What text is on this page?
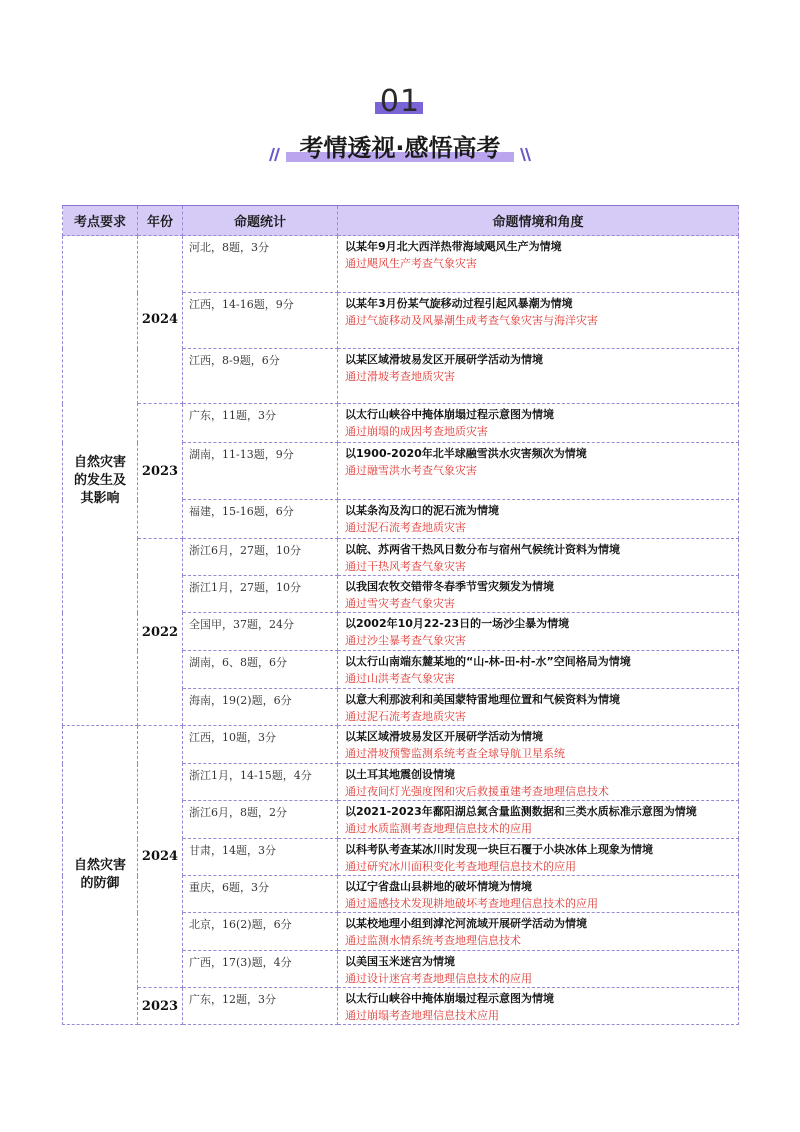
01
考情透视·感悟高考
考点要求	年份	命题统计	命题情境和角度

自然灾害的发生及其影响	2024	河北，8题，3分	以某年9月北大西洋热带海域飓风生产为情境
通过飓风生产考查气象灾害

		江西，14-16题，9分	以某年3月份某气旋移动过程引起风暴潮为情境
通过气旋移动及风暴潮生成考查气象灾害与海洋灾害

		江西，8-9题，6分	以某区域滑坡易发区开展研学活动为情境
通过滑坡考查地质灾害

	2023	广东，11题，3分	以太行山峡谷中掩体崩塌过程示意图为情境
通过崩塌的成因考查地质灾害

		湖南，11-13题，9分	以1900-2020年北半球融雪洪水灾害频次为情境
通过融雪洪水考查气象灾害

		福建，15-16题，6分	以某条沟及沟口的泥石流为情境
通过泥石流考查地质灾害

	2022	浙江6月，27题，10分	以皖、苏两省干热风日数分布与宿州气候统计资料为情境
通过干热风考查气象灾害

		浙江1月，27题，10分	以我国农牧交错带冬春季节雪灾频发为情境
通过雪灾考查气象灾害

		全国甲，37题，24分	以2002年10月22-23日的一场沙尘暴为情境
通过沙尘暴考查气象灾害

		湖南，6、8题，6分	以太行山南端东麓某地的“山-林-田-村-水”空间格局为情境
通过山洪考查气象灾害

		海南，19(2)题，6分	以意大利那波利和美国蒙特雷地理位置和气候资料为情境
通过泥石流考查地质灾害

自然灾害的防御	2024	江西，10题，3分	以某区域滑坡易发区开展研学活动为情境
通过滑坡预警监测系统考查全球导航卫星系统

		浙江1月，14-15题，4分	以土耳其地震创设情境
通过夜间灯光强度图和灾后救援重建考查地理信息技术

		浙江6月，8题，2分	以2021-2023年鄱阳湖总氮含量监测数据和三类水质标准示意图为情境
通过水质监测考查地理信息技术的应用

		甘肃，14题，3分	以科考队考查某冰川时发现一块巨石覆于小块冰体上现象为情境
通过研究冰川面积变化考查地理信息技术的应用

		重庆，6题，3分	以辽宁省盘山县耕地的破坏情境为情境
通过遥感技术发现耕地破坏考查地理信息技术的应用

		北京，16(2)题，6分	以某校地理小组到滹沱河流域开展研学活动为情境
通过监测水情系统考查地理信息技术

		广西，17(3)题，4分	以美国玉米迷宫为情境
通过设计迷宫考查地理信息技术的应用

	2023	广东，12题，3分	以太行山峡谷中掩体崩塌过程示意图为情境
通过崩塌考查地理信息技术应用
